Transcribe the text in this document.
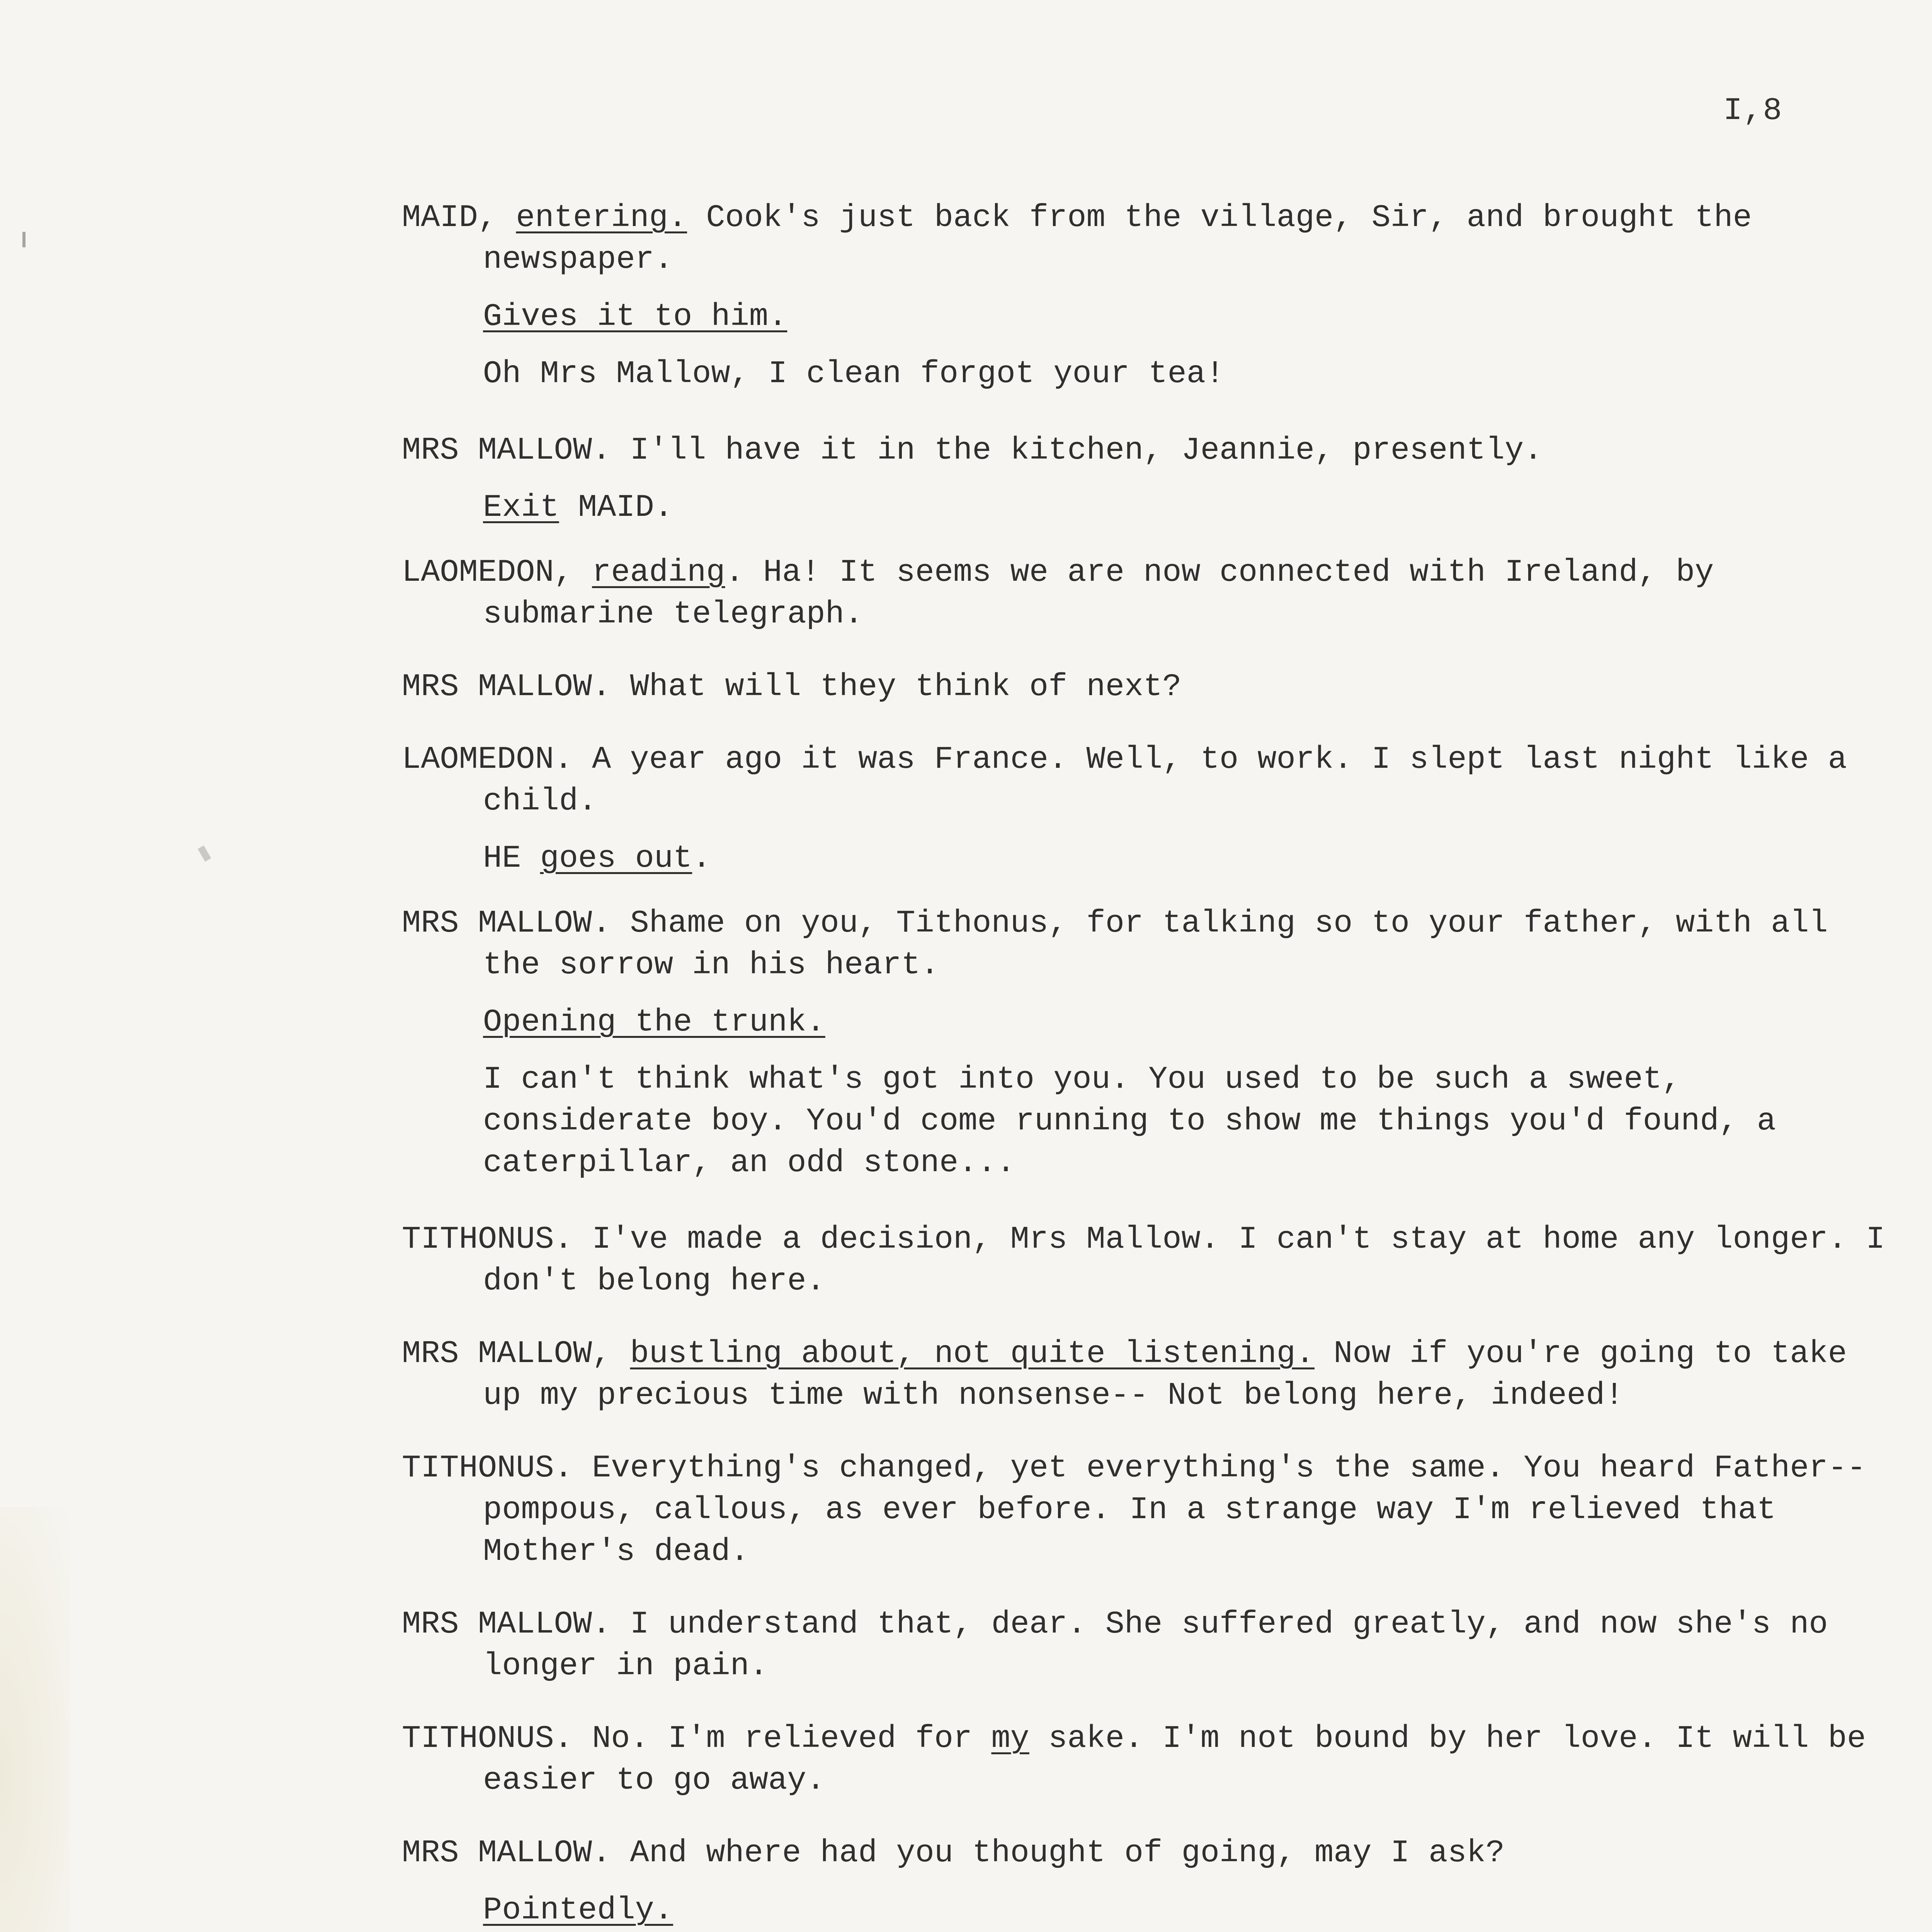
I,8

MAID, entering. Cook's just back from the village, Sir, and brought the newspaper.

Gives it to him.

Oh Mrs Mallow, I clean forgot your tea!

MRS MALLOW. I'll have it in the kitchen, Jeannie, presently.

Exit MAID.

LAOMEDON, reading. Ha! It seems we are now connected with Ireland, by submarine telegraph.

MRS MALLOW. What will they think of next?

LAOMEDON. A year ago it was France. Well, to work. I slept last night like a child.

HE goes out.

MRS MALLOW. Shame on you, Tithonus, for talking so to your father, with all the sorrow in his heart.

Opening the trunk.

I can't think what's got into you. You used to be such a sweet, considerate boy. You'd come running to show me things you'd found, a caterpillar, an odd stone...

TITHONUS. I've made a decision, Mrs Mallow. I can't stay at home any longer. I don't belong here.

MRS MALLOW, bustling about, not quite listening. Now if you're going to take up my precious time with nonsense-- Not belong here, indeed!

TITHONUS. Everything's changed, yet everything's the same. You heard Father-- pompous, callous, as ever before. In a strange way I'm relieved that Mother's dead.

MRS MALLOW. I understand that, dear. She suffered greatly, and now she's no longer in pain.

TITHONUS. No. I'm relieved for my sake. I'm not bound by her love. It will be easier to go away.

MRS MALLOW. And where had you thought of going, may I ask?

Pointedly.
